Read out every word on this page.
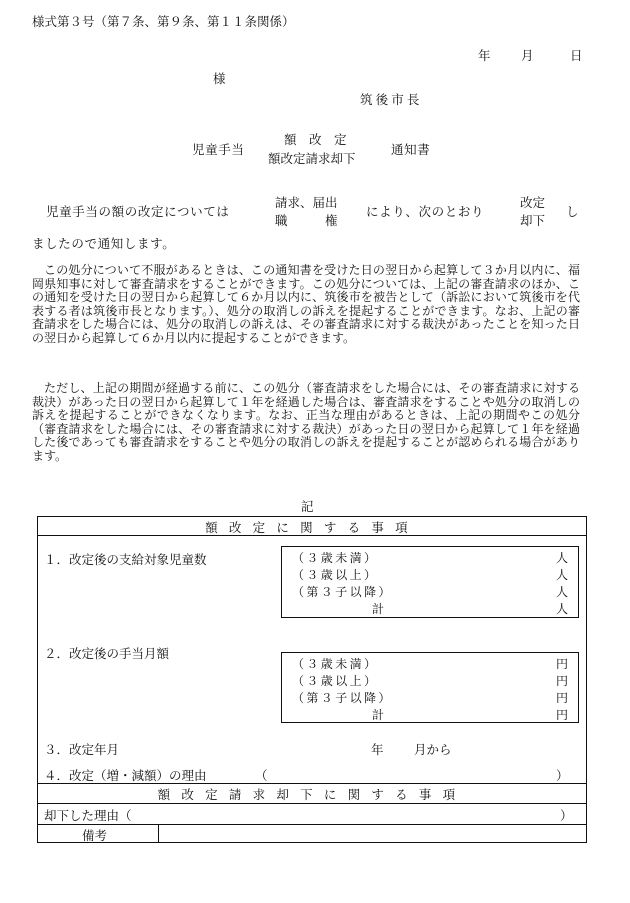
様式第３号（第７条、第９条、第１１条関係）
年 月	日
様
筑後市長
児童手当
額　改　定
額改定請求却下
通知書
児童手当の額の改定については
請求、届出
職　　　権
により、次のとおり
改定
却下
し
ましたので通知します。

この処分について不服があるときは、この通知書を受けた日の翌日から起算して３か月以内に、福岡県知事に対して審査請求をすることができます。この処分については、上記の審査請求のほか、この通知を受けた日の翌日から起算して６か月以内に、筑後市を被告として（訴訟において筑後市を代表する者は筑後市長となります。）、処分の取消しの訴えを提起することができます。なお、上記の審査請求をした場合には、処分の取消しの訴えは、その審査請求に対する裁決があったことを知った日の翌日から起算して６か月以内に提起することができます。

ただし、上記の期間が経過する前に、この処分（審査請求をした場合には、その審査請求に対する裁決）があった日の翌日から起算して１年を経過した場合は、審査請求をすることや処分の取消しの訴えを提起することができなくなります。なお、正当な理由があるときは、上記の期間やこの処分（審査請求をした場合には、その審査請求に対する裁決）があった日の翌日から起算して１年を経過した後であっても審査請求をすることや処分の取消しの訴えを提起することが認められる場合があります。

記
額改定に関する事項
１．改定後の支給対象児童数	（３歳未満）	人
（３歳以上）	人
（第３子以降）	人
計	人
２．改定後の手当月額
（３歳未満）	円
（３歳以上）	円
（第３子以降）	円
計	円
３．改定年月	年 月から
４．改定（増・減額）の理由	（	）
額改定請求却下に関する事項
却下した理由（	）
備考
